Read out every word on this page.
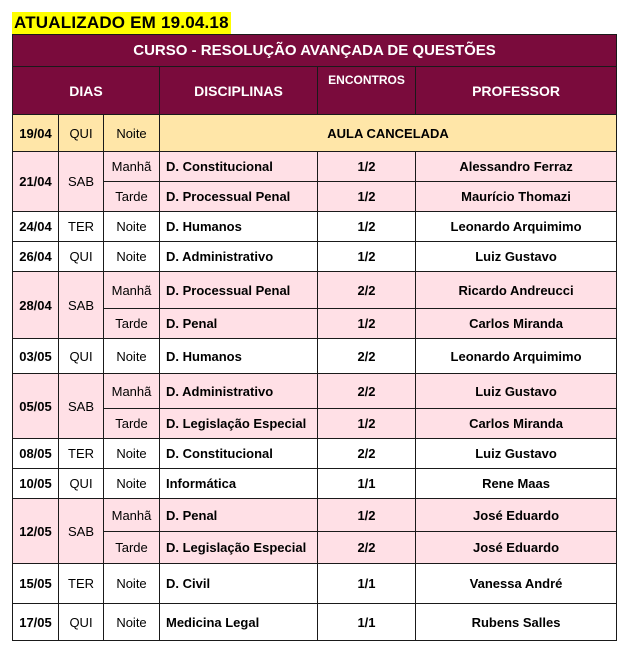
ATUALIZADO EM 19.04.18
CURSO - RESOLUÇÃO AVANÇADA DE QUESTÕES					
DIAS			DISCIPLINAS	ENCONTROS	PROFESSOR
19/04	QUI	Noite	AULA CANCELADA		
21/04	SAB	Manhã	D. Constitucional	1/2	Alessandro Ferraz
		Tarde	D. Processual Penal	1/2	Maurício Thomazi
24/04	TER	Noite	D. Humanos	1/2	Leonardo Arquimimo
26/04	QUI	Noite	D. Administrativo	1/2	Luiz Gustavo
28/04	SAB	Manhã	D. Processual Penal	2/2	Ricardo Andreucci
		Tarde	D. Penal	1/2	Carlos Miranda
03/05	QUI	Noite	D. Humanos	2/2	Leonardo Arquimimo
05/05	SAB	Manhã	D. Administrativo	2/2	Luiz Gustavo
		Tarde	D. Legislação Especial	1/2	Carlos Miranda
08/05	TER	Noite	D. Constitucional	2/2	Luiz Gustavo
10/05	QUI	Noite	Informática	1/1	Rene Maas
12/05	SAB	Manhã	D. Penal	1/2	José Eduardo
		Tarde	D. Legislação Especial	2/2	José Eduardo
15/05	TER	Noite	D. Civil	1/1	Vanessa André
17/05	QUI	Noite	Medicina Legal	1/1	Rubens Salles
